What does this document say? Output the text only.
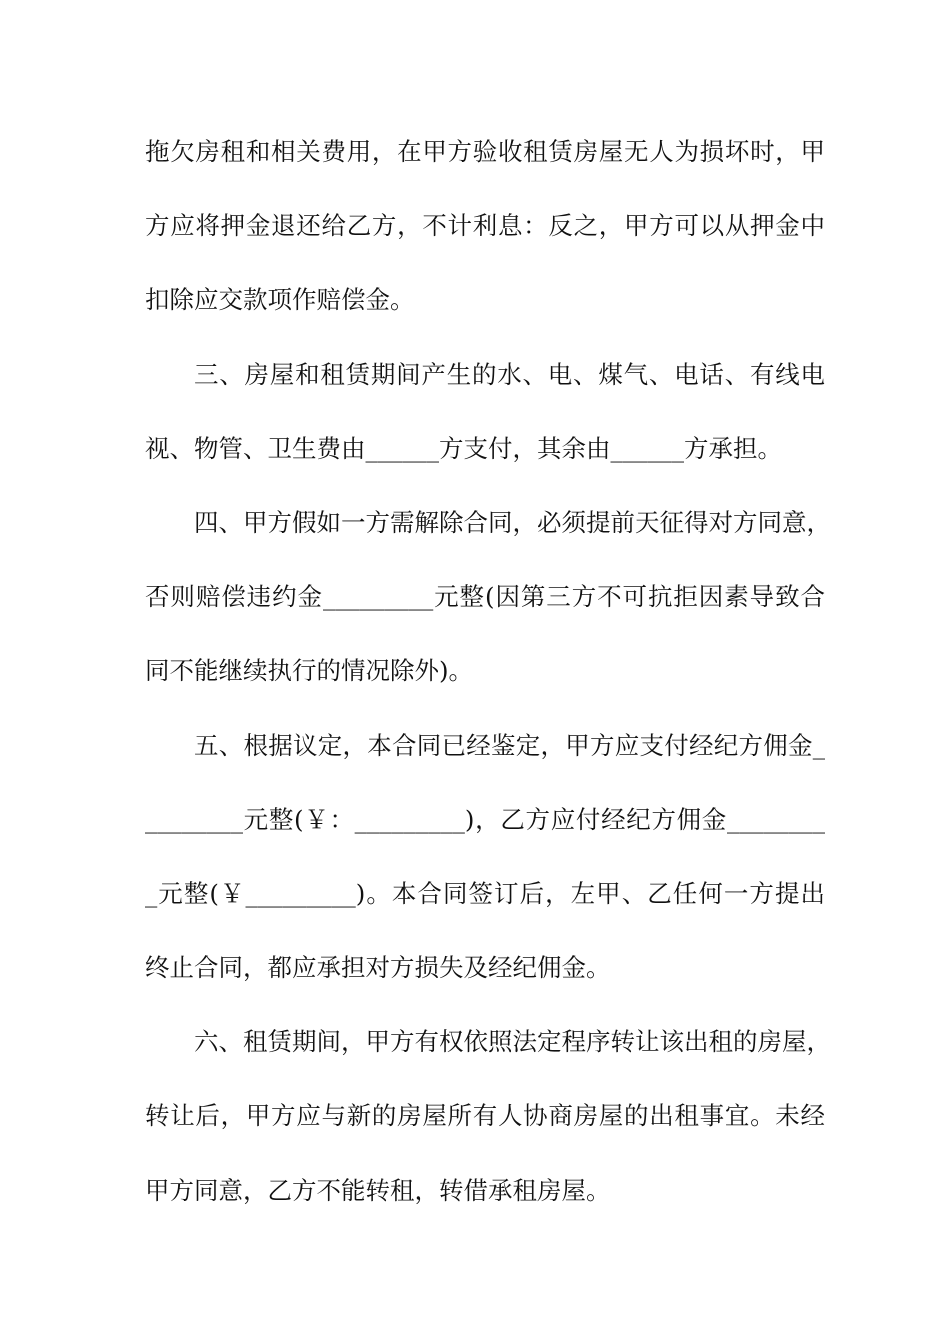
拖欠房租和相关费用，在甲方验收租赁房屋无人为损坏时，甲
方应将押金退还给乙方，不计利息：反之，甲方可以从押金中
扣除应交款项作赔偿金。
三、房屋和租赁期间产生的水、电、煤气、电话、有线电
视、物管、卫生费由______方支付，其余由______方承担。
四、甲方假如一方需解除合同，必须提前天征得对方同意，
否则赔偿违约金_________元整(因第三方不可抗拒因素导致合
同不能继续执行的情况除外)。
五、根据议定，本合同已经鉴定，甲方应支付经纪方佣金_
________元整(￥：_________)，乙方应付经纪方佣金________
_元整(￥_________)。本合同签订后，左甲、乙任何一方提出
终止合同，都应承担对方损失及经纪佣金。
六、租赁期间，甲方有权依照法定程序转让该出租的房屋，
转让后，甲方应与新的房屋所有人协商房屋的出租事宜。未经
甲方同意，乙方不能转租，转借承租房屋。
